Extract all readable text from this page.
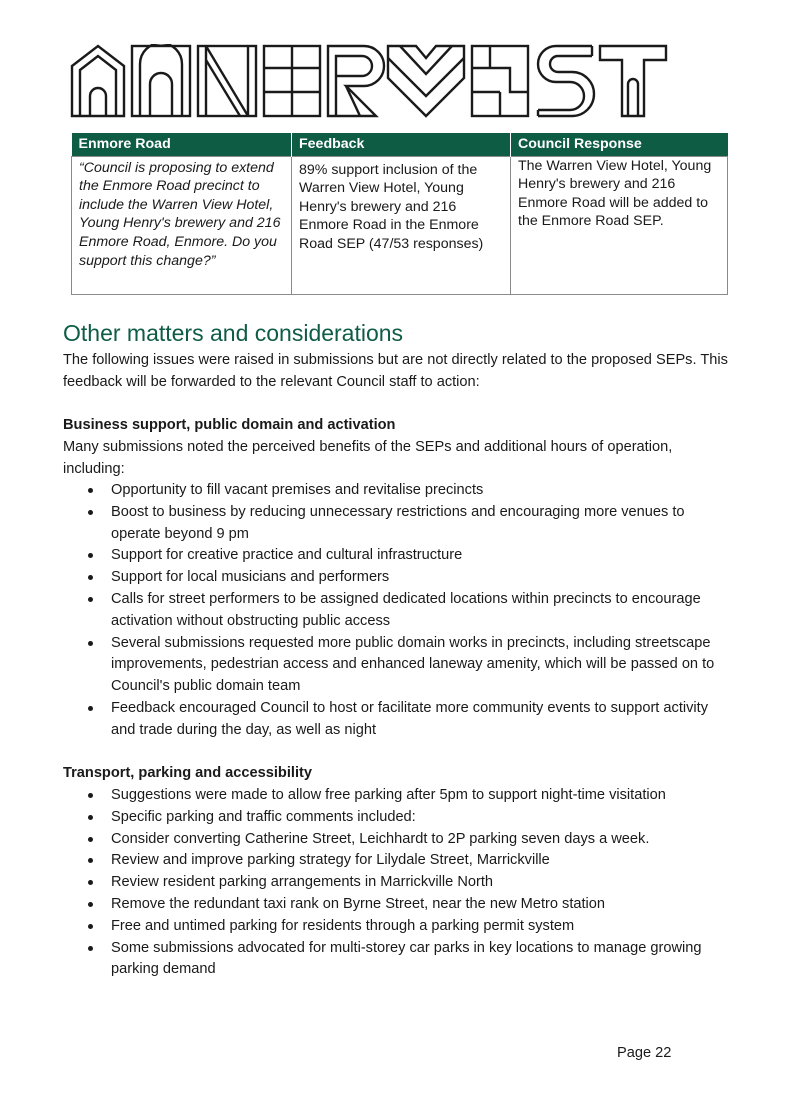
Enmore Road	Feedback	Council Response
“Council is proposing to extend the Enmore Road precinct to include the Warren View Hotel, Young Henry's brewery and 216 Enmore Road, Enmore. Do you support this change?”	89% support inclusion of the Warren View Hotel, Young Henry's brewery and 216 Enmore Road in the Enmore Road SEP (47/53 responses)	The Warren View Hotel, Young Henry's brewery and 216 Enmore Road will be added to the Enmore Road SEP.
Other matters and considerations

The following issues were raised in submissions but are not directly related to the proposed SEPs. This feedback will be forwarded to the relevant Council staff to action:

Business support, public domain and activation

Many submissions noted the perceived benefits of the SEPs and additional hours of operation, including:

Opportunity to fill vacant premises and revitalise precincts
Boost to business by reducing unnecessary restrictions and encouraging more venues to operate beyond 9 pm
Support for creative practice and cultural infrastructure
Support for local musicians and performers
Calls for street performers to be assigned dedicated locations within precincts to encourage activation without obstructing public access
Several submissions requested more public domain works in precincts, including streetscape improvements, pedestrian access and enhanced laneway amenity, which will be passed on to Council's public domain team
Feedback encouraged Council to host or facilitate more community events to support activity and trade during the day, as well as night
Transport, parking and accessibility
Suggestions were made to allow free parking after 5pm to support night-time visitation
Specific parking and traffic comments included:
Consider converting Catherine Street, Leichhardt to 2P parking seven days a week.
Review and improve parking strategy for Lilydale Street, Marrickville
Review resident parking arrangements in Marrickville North
Remove the redundant taxi rank on Byrne Street, near the new Metro station
Free and untimed parking for residents through a parking permit system
Some submissions advocated for multi-storey car parks in key locations to manage growing parking demand

Page 22
